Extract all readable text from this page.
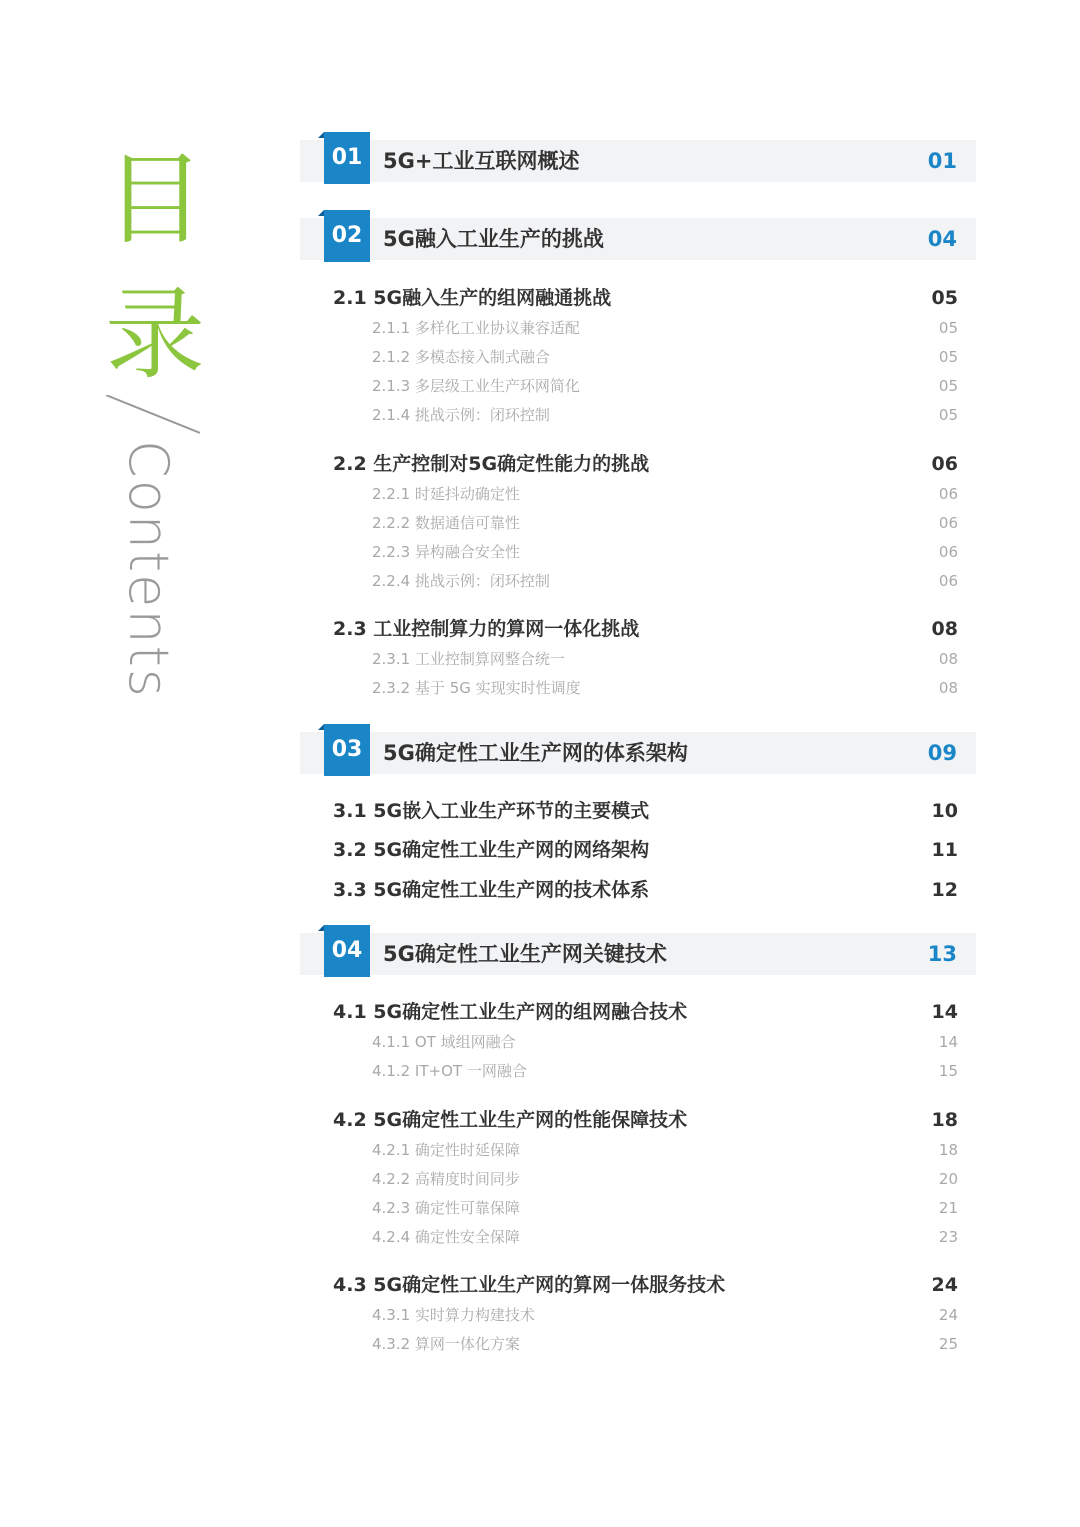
目
录
Contents
01 5G+工业互联网概述	01
02 5G融入工业生产的挑战	04
2.1 5G融入生产的组网融通挑战	05
2.1.1 多样化工业协议兼容适配	05
2.1.2 多模态接入制式融合	05
2.1.3 多层级工业生产环网简化	05
2.1.4 挑战示例：闭环控制	05
2.2 生产控制对5G确定性能力的挑战	06
2.2.1 时延抖动确定性	06
2.2.2 数据通信可靠性	06
2.2.3 异构融合安全性	06
2.2.4 挑战示例：闭环控制	06
2.3 工业控制算力的算网一体化挑战	08
2.3.1 工业控制算网整合统一	08
2.3.2 基于 5G 实现实时性调度	08
03 5G确定性工业生产网的体系架构	09
3.1 5G嵌入工业生产环节的主要模式	10
3.2 5G确定性工业生产网的网络架构	11
3.3 5G确定性工业生产网的技术体系	12
04 5G确定性工业生产网关键技术	13
4.1 5G确定性工业生产网的组网融合技术	14
4.1.1 OT 域组网融合	14
4.1.2 IT+OT 一网融合	15
4.2 5G确定性工业生产网的性能保障技术	18
4.2.1 确定性时延保障	18
4.2.2 高精度时间同步	20
4.2.3 确定性可靠保障	21
4.2.4 确定性安全保障	23
4.3 5G确定性工业生产网的算网一体服务技术	24
4.3.1 实时算力构建技术	24
4.3.2 算网一体化方案	25
